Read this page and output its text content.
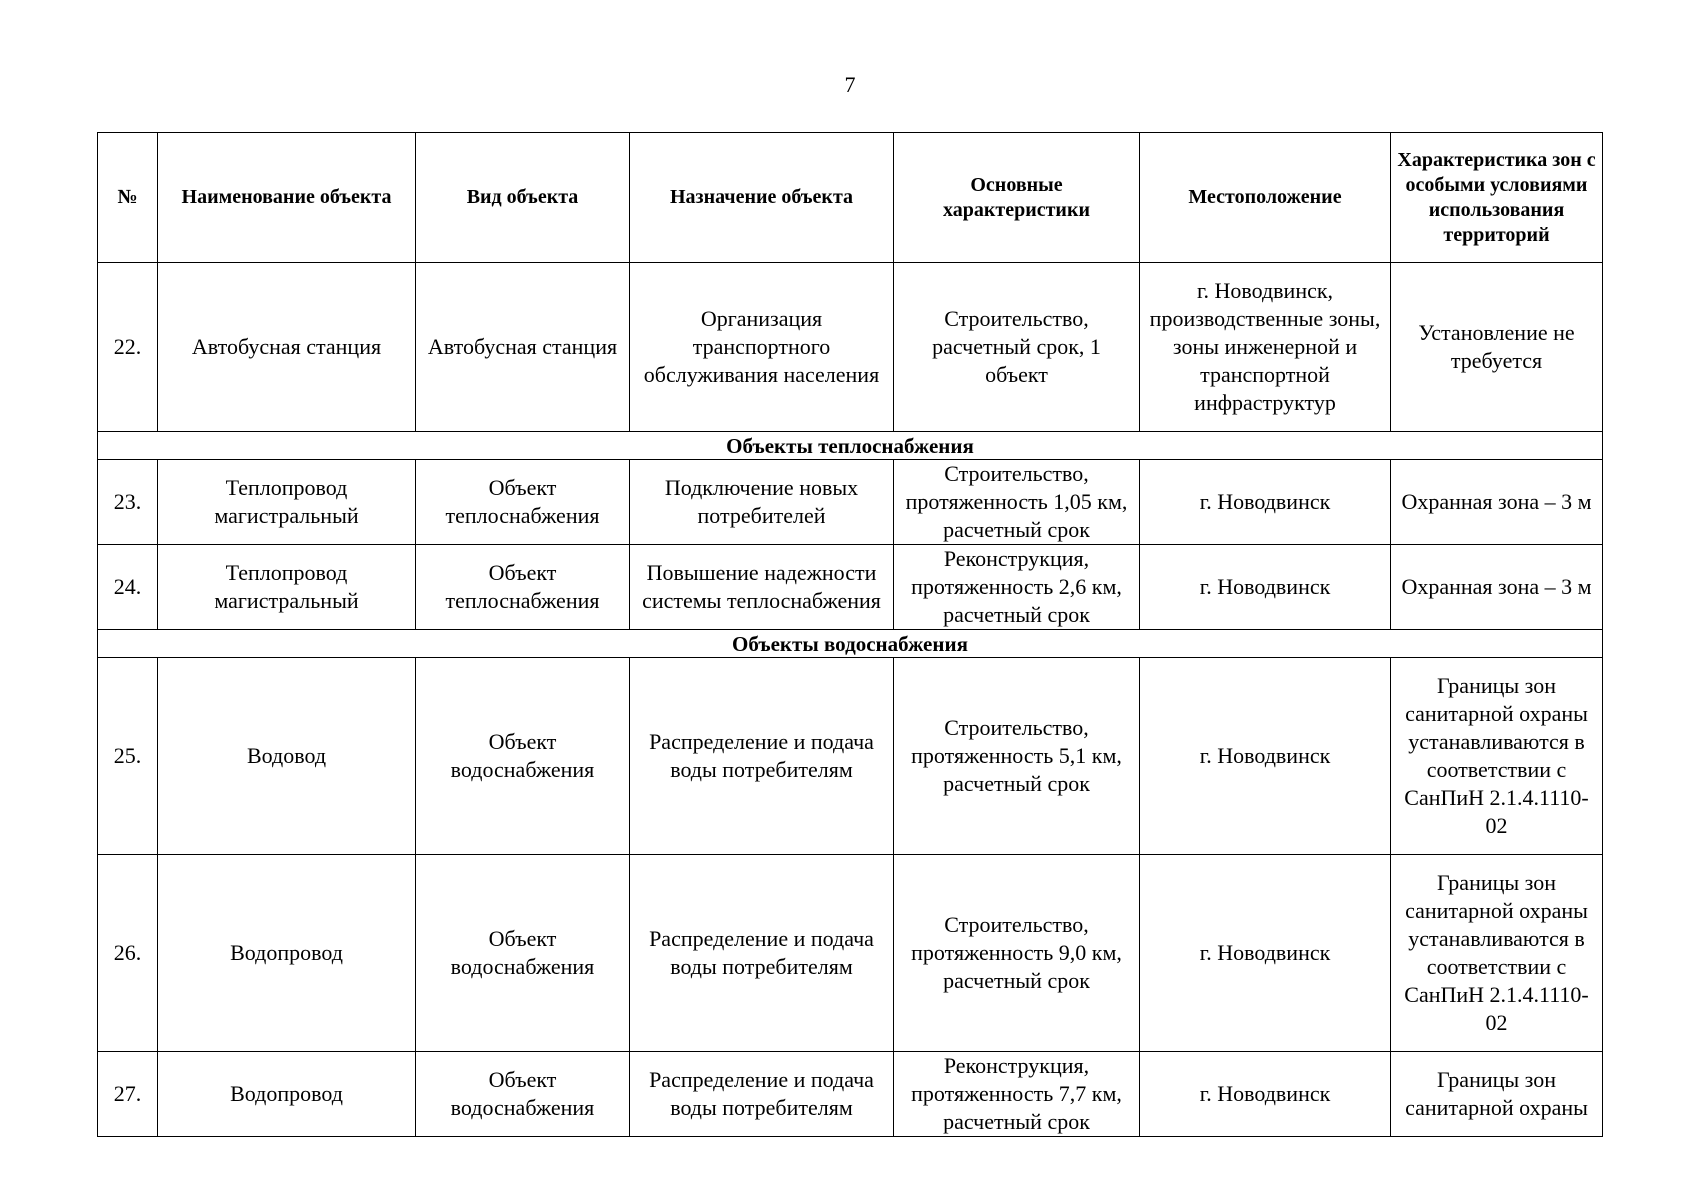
7
№	Наименование объекта	Вид объекта	Назначение объекта	Основные характеристики	Местоположение	Характеристика зон с особыми условиями использования территорий
22.	Автобусная станция	Автобусная станция	Организация транспортного обслуживания населения	Строительство, расчетный срок, 1 объект	г. Новодвинск, производственные зоны, зоны инженерной и транспортной инфраструктур	Установление не требуется
Объекты теплоснабжения						
23.	Теплопровод магистральный	Объект теплоснабжения	Подключение новых потребителей	Строительство, протяженность 1,05 км, расчетный срок	г. Новодвинск	Охранная зона – 3 м
24.	Теплопровод магистральный	Объект теплоснабжения	Повышение надежности системы теплоснабжения	Реконструкция, протяженность 2,6 км, расчетный срок	г. Новодвинск	Охранная зона – 3 м
Объекты водоснабжения						
25.	Водовод	Объект водоснабжения	Распределение и подача воды потребителям	Строительство, протяженность 5,1 км, расчетный срок	г. Новодвинск	Границы зон санитарной охраны устанавливаются в соответствии с СанПиН 2.1.4.1110-02
26.	Водопровод	Объект водоснабжения	Распределение и подача воды потребителям	Строительство, протяженность 9,0 км, расчетный срок	г. Новодвинск	Границы зон санитарной охраны устанавливаются в соответствии с СанПиН 2.1.4.1110-02
27.	Водопровод	Объект водоснабжения	Распределение и подача воды потребителям	Реконструкция, протяженность 7,7 км, расчетный срок	г. Новодвинск	Границы зон санитарной охраны
